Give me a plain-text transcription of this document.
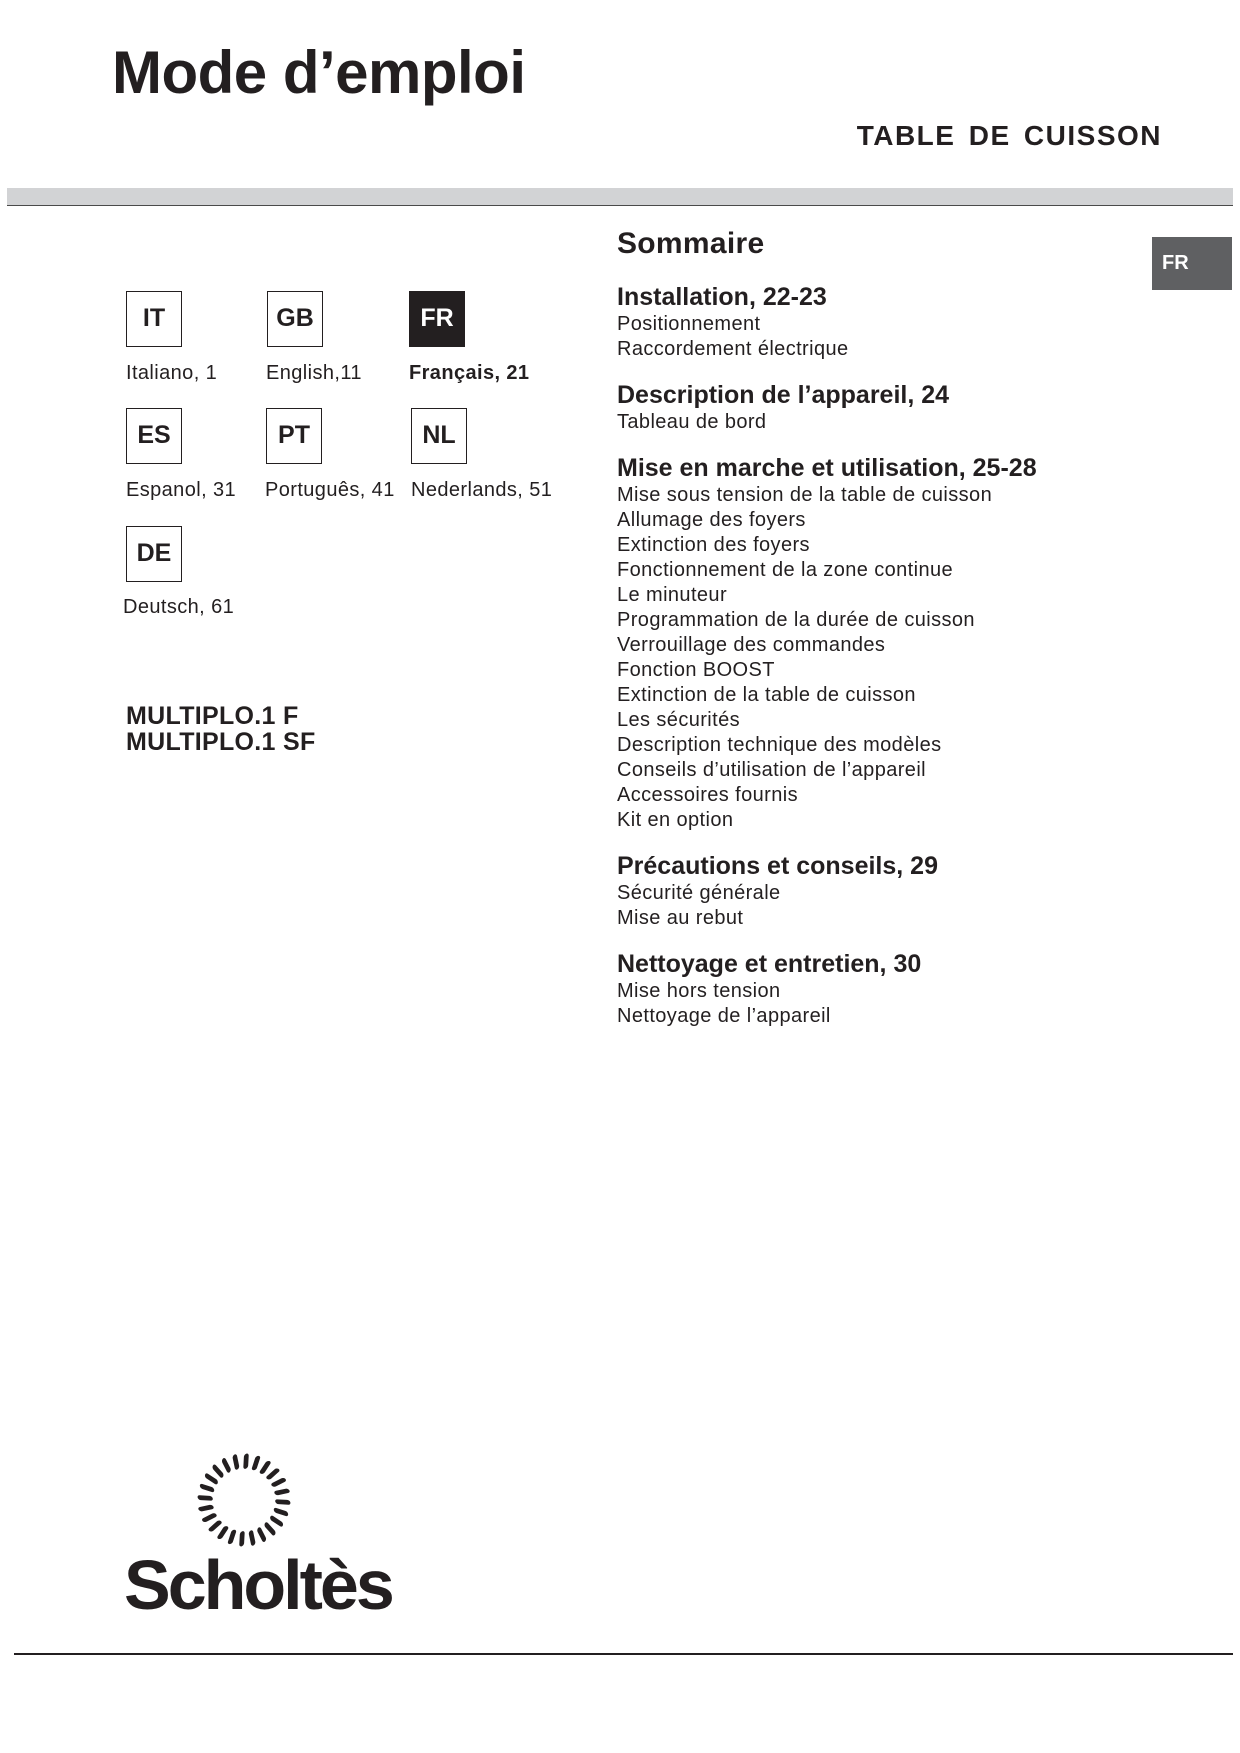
Mode d’emploi
TABLE DE CUISSON
FR
IT
Italiano, 1
GB
English,11
FR
Français, 21
ES
Espanol, 31
PT
Português, 41
NL
Nederlands, 51
DE
Deutsch, 61
MULTIPLO.1 F
MULTIPLO.1 SF
Sommaire
Installation, 22-23
Positionnement
Raccordement électrique
Description de l’appareil, 24
Tableau de bord
Mise en marche et utilisation, 25-28
Mise sous tension de la table de cuisson
Allumage des foyers
Extinction des foyers
Fonctionnement de la zone continue
Le minuteur
Programmation de la durée de cuisson
Verrouillage des commandes
Fonction BOOST
Extinction de la table de cuisson
Les sécurités
Description technique des modèles
Conseils d’utilisation de l’appareil
Accessoires fournis
Kit en option
Précautions et conseils, 29
Sécurité générale
Mise au rebut
Nettoyage et entretien, 30
Mise hors tension
Nettoyage de l’appareil
Scholtès
